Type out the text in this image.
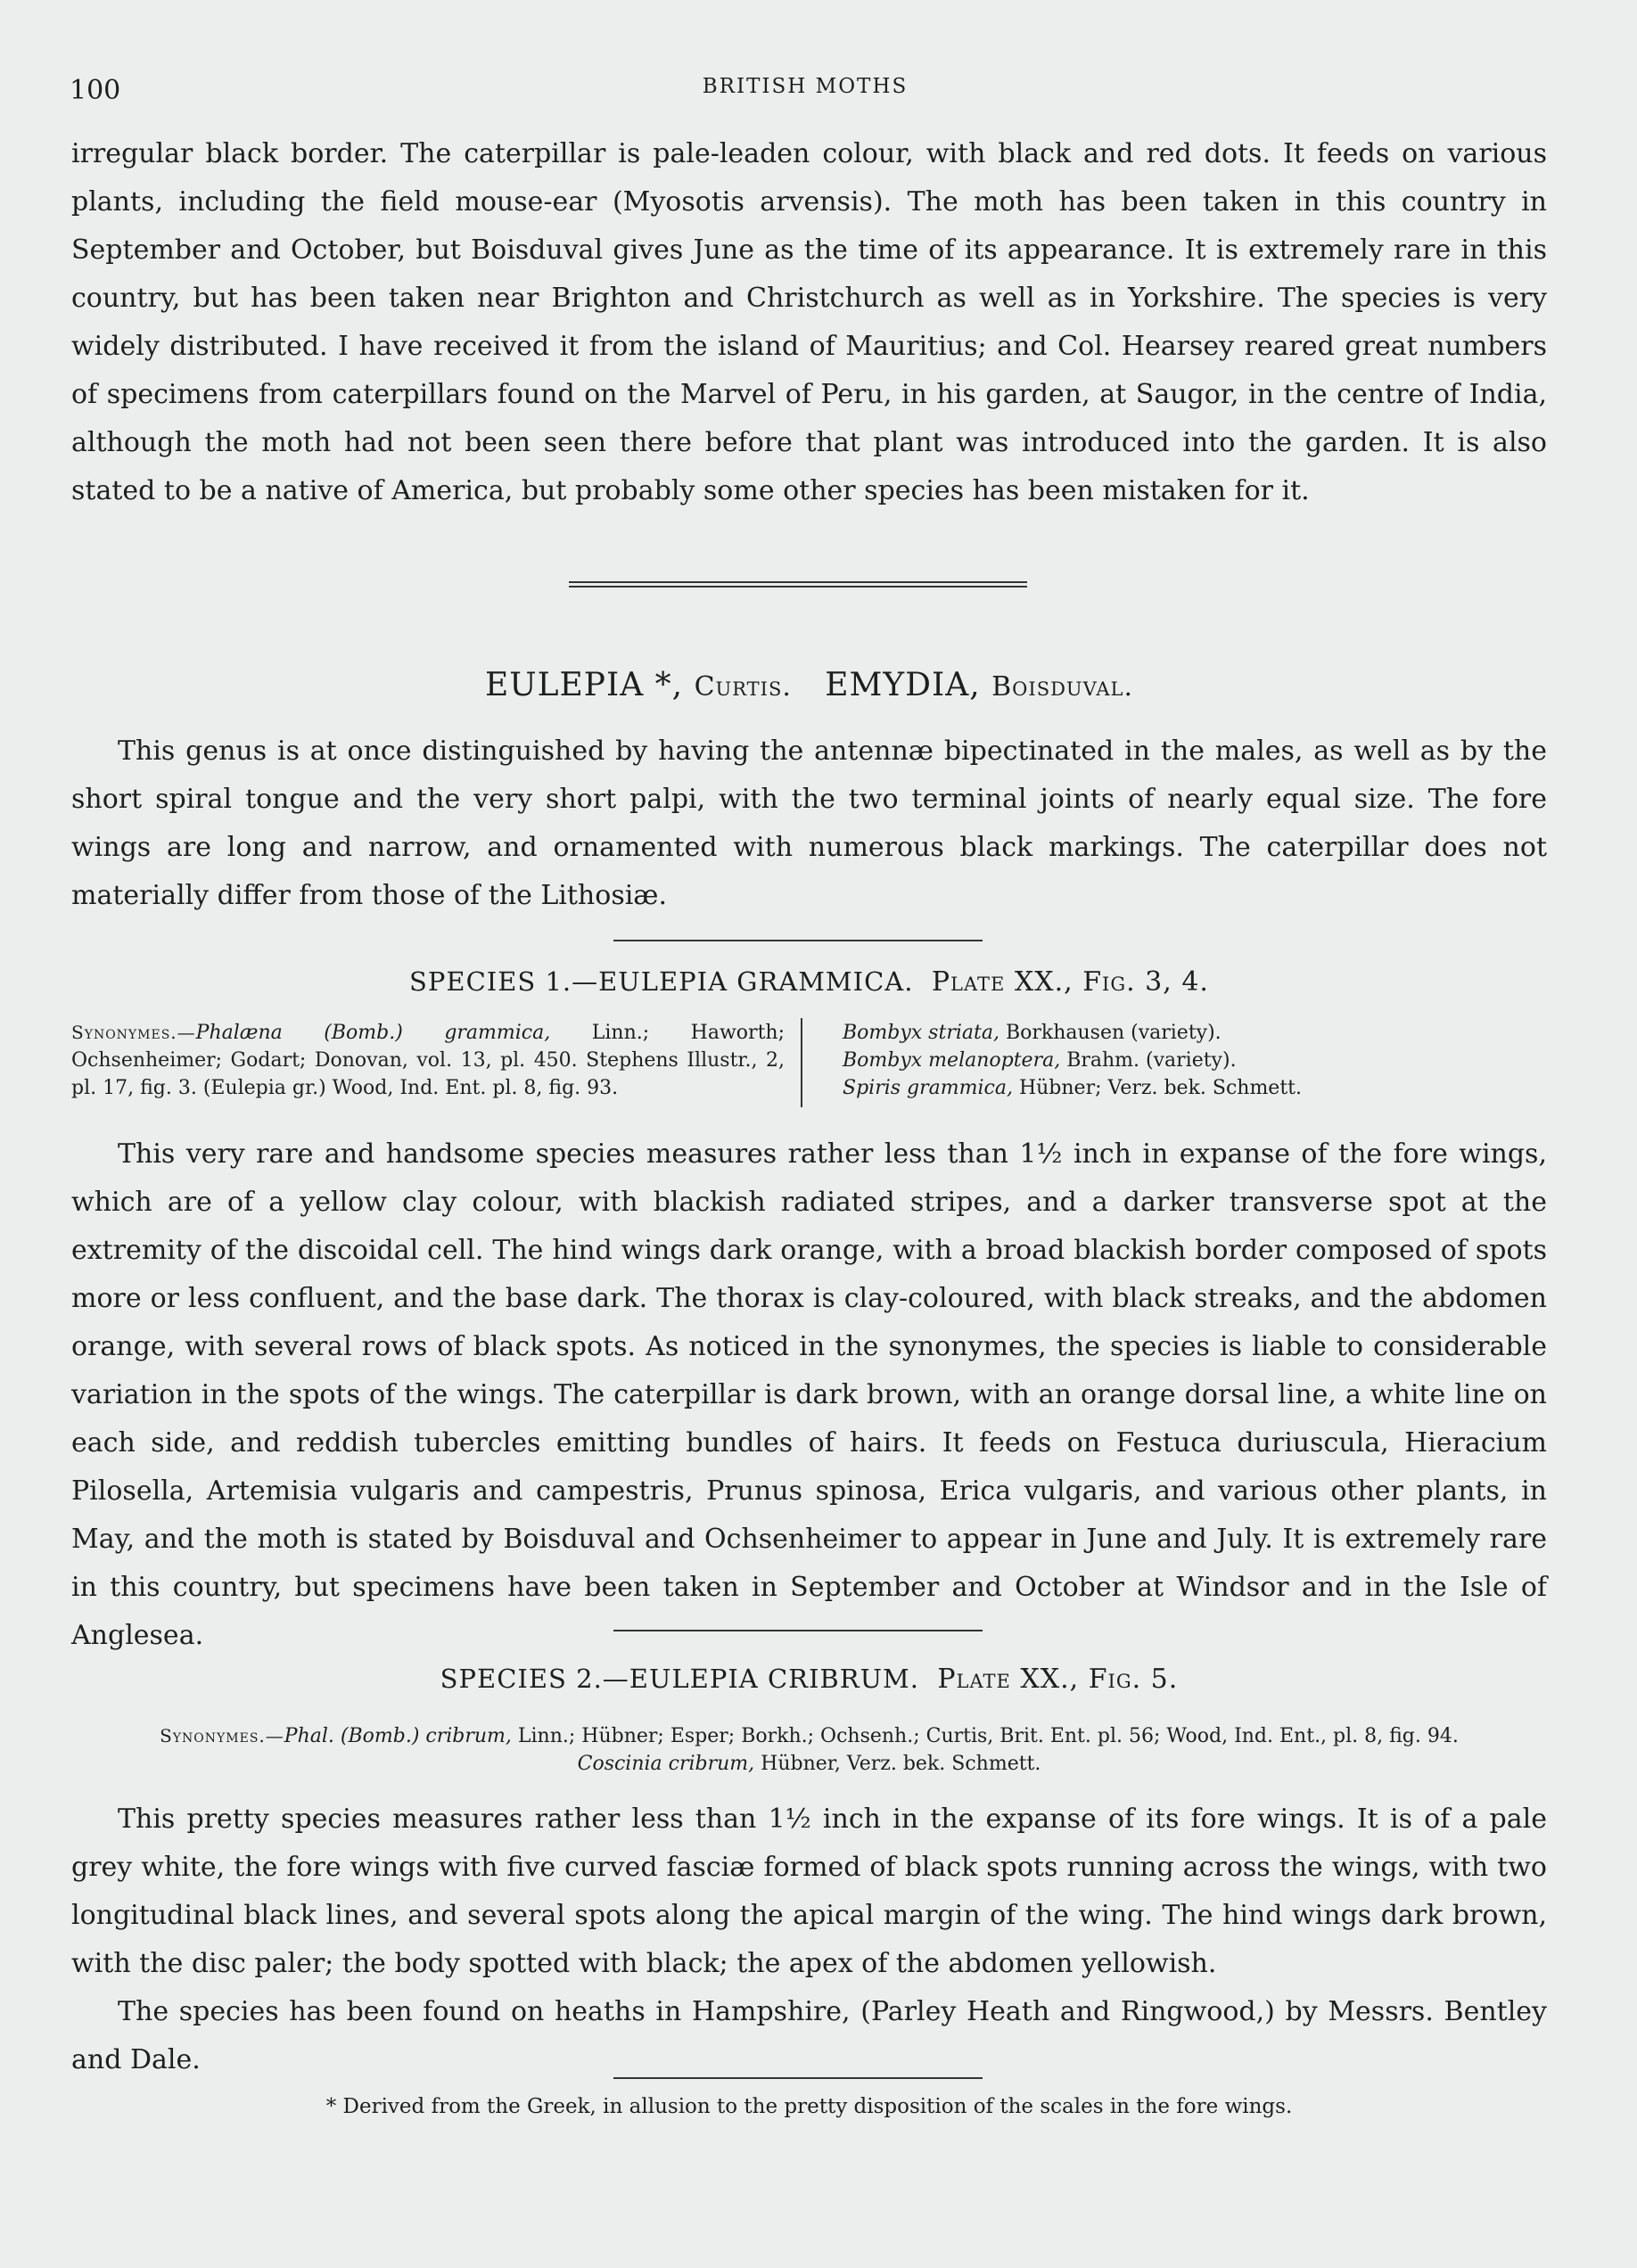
100	BRITISH MOTHS

irregular black border. The caterpillar is pale-leaden colour, with black and red dots. It feeds on various plants, including the field mouse-ear (Myosotis arvensis). The moth has been taken in this country in September and October, but Boisduval gives June as the time of its appearance. It is extremely rare in this country, but has been taken near Brighton and Christchurch as well as in Yorkshire. The species is very widely distributed. I have received it from the island of Mauritius; and Col. Hearsey reared great numbers of specimens from caterpillars found on the Marvel of Peru, in his garden, at Saugor, in the centre of India, although the moth had not been seen there before that plant was introduced into the garden. It is also stated to be a native of America, but probably some other species has been mistaken for it.

EULEPIA *, Curtis. EMYDIA, Boisduval.

This genus is at once distinguished by having the antennæ bipectinated in the males, as well as by the short spiral tongue and the very short palpi, with the two terminal joints of nearly equal size. The fore wings are long and narrow, and ornamented with numerous black markings. The caterpillar does not materially differ from those of the Lithosiæ.

SPECIES 1.—EULEPIA GRAMMICA. Plate XX., Fig. 3, 4.
Synonymes.—Phalæna (Bomb.) grammica, Linn.; Haworth; Ochsenheimer; Godart; Donovan, vol. 13, pl. 450. Stephens Illustr., 2, pl. 17, fig. 3. (Eulepia gr.) Wood, Ind. Ent. pl. 8, fig. 93.
Bombyx striata, Borkhausen (variety).
Bombyx melanoptera, Brahm. (variety).
Spiris grammica, Hübner; Verz. bek. Schmett.

This very rare and handsome species measures rather less than 1½ inch in expanse of the fore wings, which are of a yellow clay colour, with blackish radiated stripes, and a darker transverse spot at the extremity of the discoidal cell. The hind wings dark orange, with a broad blackish border composed of spots more or less confluent, and the base dark. The thorax is clay-coloured, with black streaks, and the abdomen orange, with several rows of black spots. As noticed in the synonymes, the species is liable to considerable variation in the spots of the wings. The caterpillar is dark brown, with an orange dorsal line, a white line on each side, and reddish tubercles emitting bundles of hairs. It feeds on Festuca duriuscula, Hieracium Pilosella, Artemisia vulgaris and campestris, Prunus spinosa, Erica vulgaris, and various other plants, in May, and the moth is stated by Boisduval and Ochsenheimer to appear in June and July. It is extremely rare in this country, but specimens have been taken in September and October at Windsor and in the Isle of Anglesea.

SPECIES 2.—EULEPIA CRIBRUM. Plate XX., Fig. 5.
Synonymes.—Phal. (Bomb.) cribrum, Linn.; Hübner; Esper; Borkh.; Ochsenh.; Curtis, Brit. Ent. pl. 56; Wood, Ind. Ent., pl. 8, fig. 94.
Coscinia cribrum, Hübner, Verz. bek. Schmett.

This pretty species measures rather less than 1½ inch in the expanse of its fore wings. It is of a pale grey white, the fore wings with five curved fasciæ formed of black spots running across the wings, with two longitudinal black lines, and several spots along the apical margin of the wing. The hind wings dark brown, with the disc paler; the body spotted with black; the apex of the abdomen yellowish.

The species has been found on heaths in Hampshire, (Parley Heath and Ringwood,) by Messrs. Bentley and Dale.

* Derived from the Greek, in allusion to the pretty disposition of the scales in the fore wings.
